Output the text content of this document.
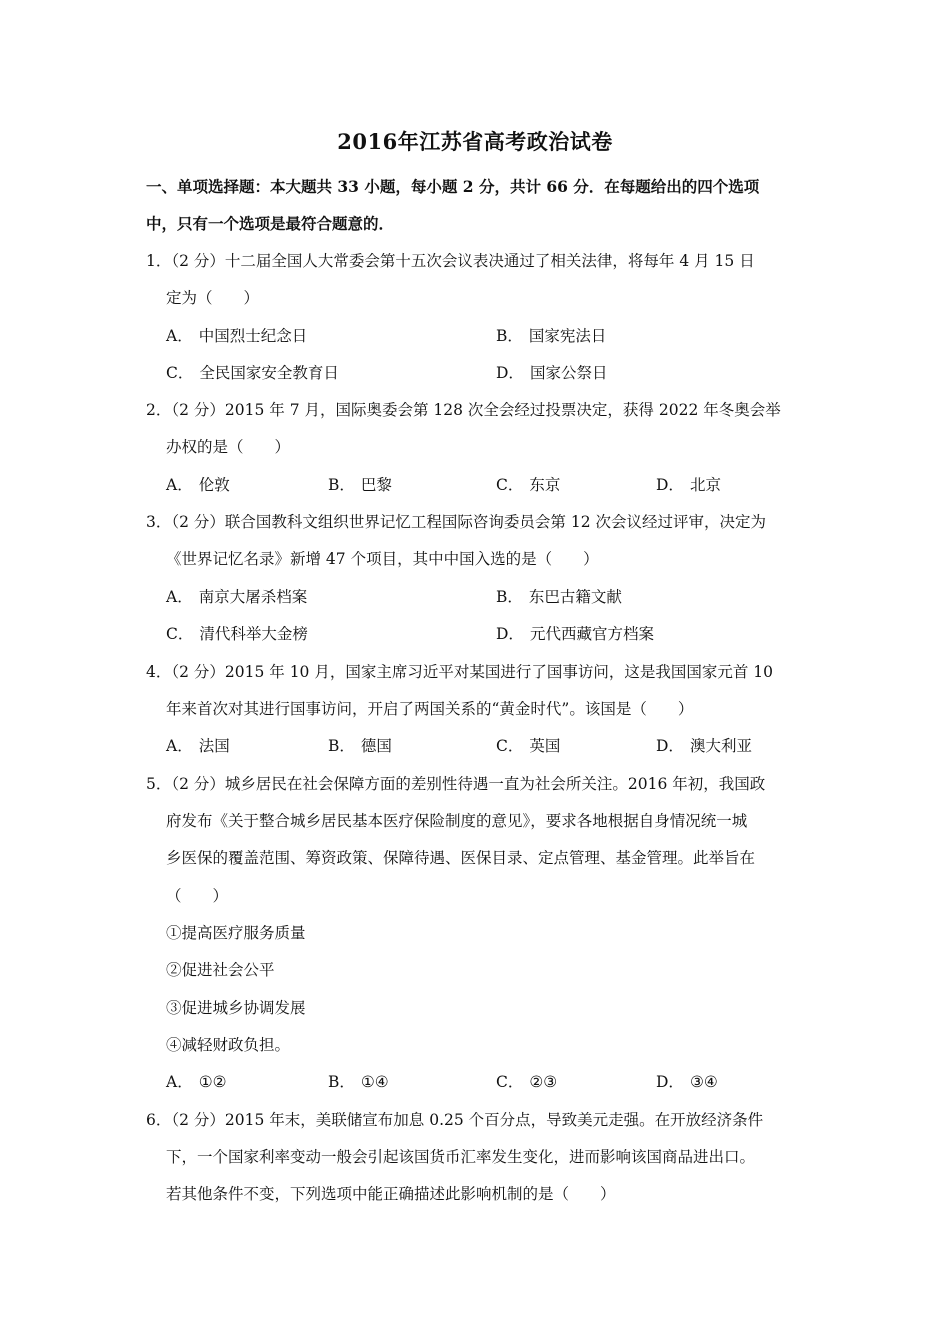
2016年江苏省高考政治试卷
一、单项选择题：本大题共 33 小题，每小题 2 分，共计 66 分．在每题给出的四个选项
中，只有一个选项是最符合题意的．
1．（2 分）十二届全国人大常委会第十五次会议表决通过了相关法律，将每年 4 月 15 日
定为（　　）
A． 中国烈士纪念日	B． 国家宪法日
C． 全民国家安全教育日	D． 国家公祭日
2．（2 分）2015 年 7 月，国际奥委会第 128 次全会经过投票决定，获得 2022 年冬奥会举
办权的是（　　）
A． 伦敦	B． 巴黎	C． 东京	D． 北京
3．（2 分）联合国教科文组织世界记忆工程国际咨询委员会第 12 次会议经过评审，决定为
《世界记忆名录》新增 47 个项目，其中中国入选的是（　　）
A． 南京大屠杀档案	B． 东巴古籍文献
C． 清代科举大金榜	D． 元代西藏官方档案
4．（2 分）2015 年 10 月，国家主席习近平对某国进行了国事访问，这是我国国家元首 10
年来首次对其进行国事访问，开启了两国关系的“黄金时代”。该国是（　　）
A． 法国	B． 德国	C． 英国	D． 澳大利亚
5．（2 分）城乡居民在社会保障方面的差别性待遇一直为社会所关注。2016 年初，我国政
府发布《关于整合城乡居民基本医疗保险制度的意见》，要求各地根据自身情况统一城
乡医保的覆盖范围、筹资政策、保障待遇、医保目录、定点管理、基金管理。此举旨在
（　　）
①提高医疗服务质量
②促进社会公平
③促进城乡协调发展
④减轻财政负担。
A． ①②	B． ①④	C． ②③	D． ③④
6．（2 分）2015 年末，美联储宣布加息 0.25 个百分点，导致美元走强。在开放经济条件
下，一个国家利率变动一般会引起该国货币汇率发生变化，进而影响该国商品进出口。
若其他条件不变，下列选项中能正确描述此影响机制的是（　　）
